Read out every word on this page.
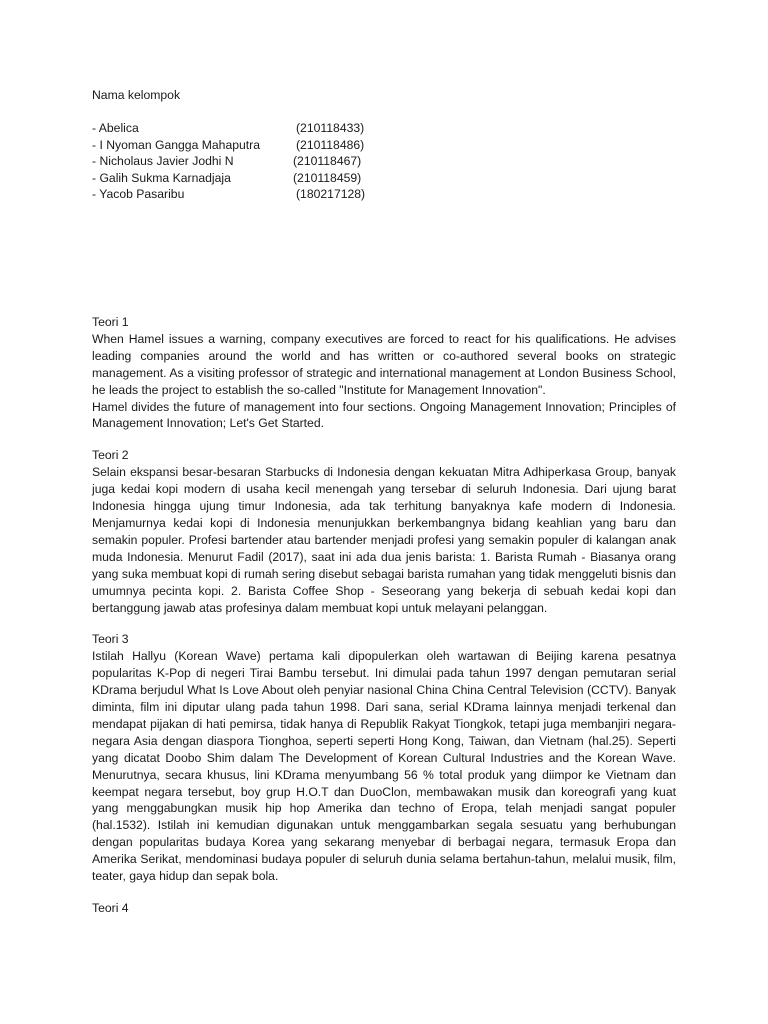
Nama kelompok
- Abelica	(210118433)
- I Nyoman Gangga Mahaputra	(210118486)
- Nicholaus Javier Jodhi N	(210118467)
- Galih Sukma Karnadjaja	(210118459)
- Yacob Pasaribu	(180217128)
Teori 1

When Hamel issues a warning, company executives are forced to react for his qualifications. He advises leading companies around the world and has written or co-authored several books on strategic management. As a visiting professor of strategic and international management at London Business School, he leads the project to establish the so-called "Institute for Management Innovation".

Hamel divides the future of management into four sections. Ongoing Management Innovation; Principles of Management Innovation; Let's Get Started.

Teori 2

Selain ekspansi besar-besaran Starbucks di Indonesia dengan kekuatan Mitra Adhiperkasa Group, banyak juga kedai kopi modern di usaha kecil menengah yang tersebar di seluruh Indonesia. Dari ujung barat Indonesia hingga ujung timur Indonesia, ada tak terhitung banyaknya kafe modern di Indonesia. Menjamurnya kedai kopi di Indonesia menunjukkan berkembangnya bidang keahlian yang baru dan semakin populer. Profesi bartender atau bartender menjadi profesi yang semakin populer di kalangan anak muda Indonesia. Menurut Fadil (2017), saat ini ada dua jenis barista: 1. Barista Rumah - Biasanya orang yang suka membuat kopi di rumah sering disebut sebagai barista rumahan yang tidak menggeluti bisnis dan umumnya pecinta kopi. 2. Barista Coffee Shop - Seseorang yang bekerja di sebuah kedai kopi dan bertanggung jawab atas profesinya dalam membuat kopi untuk melayani pelanggan.

Teori 3

Istilah Hallyu (Korean Wave) pertama kali dipopulerkan oleh wartawan di Beijing karena pesatnya popularitas K-Pop di negeri Tirai Bambu tersebut. Ini dimulai pada tahun 1997 dengan pemutaran serial KDrama berjudul What Is Love About oleh penyiar nasional China China Central Television (CCTV). Banyak diminta, film ini diputar ulang pada tahun 1998. Dari sana, serial KDrama lainnya menjadi terkenal dan mendapat pijakan di hati pemirsa, tidak hanya di Republik Rakyat Tiongkok, tetapi juga membanjiri negara-negara Asia dengan diaspora Tionghoa, seperti seperti Hong Kong, Taiwan, dan Vietnam (hal.25). Seperti yang dicatat Doobo Shim dalam The Development of Korean Cultural Industries and the Korean Wave. Menurutnya, secara khusus, lini KDrama menyumbang 56 % total produk yang diimpor ke Vietnam dan keempat negara tersebut, boy grup H.O.T dan DuoClon, membawakan musik dan koreografi yang kuat yang menggabungkan musik hip hop Amerika dan techno of Eropa, telah menjadi sangat populer (hal.1532). Istilah ini kemudian digunakan untuk menggambarkan segala sesuatu yang berhubungan dengan popularitas budaya Korea yang sekarang menyebar di berbagai negara, termasuk Eropa dan Amerika Serikat, mendominasi budaya populer di seluruh dunia selama bertahun-tahun, melalui musik, film, teater, gaya hidup dan sepak bola.

Teori 4
